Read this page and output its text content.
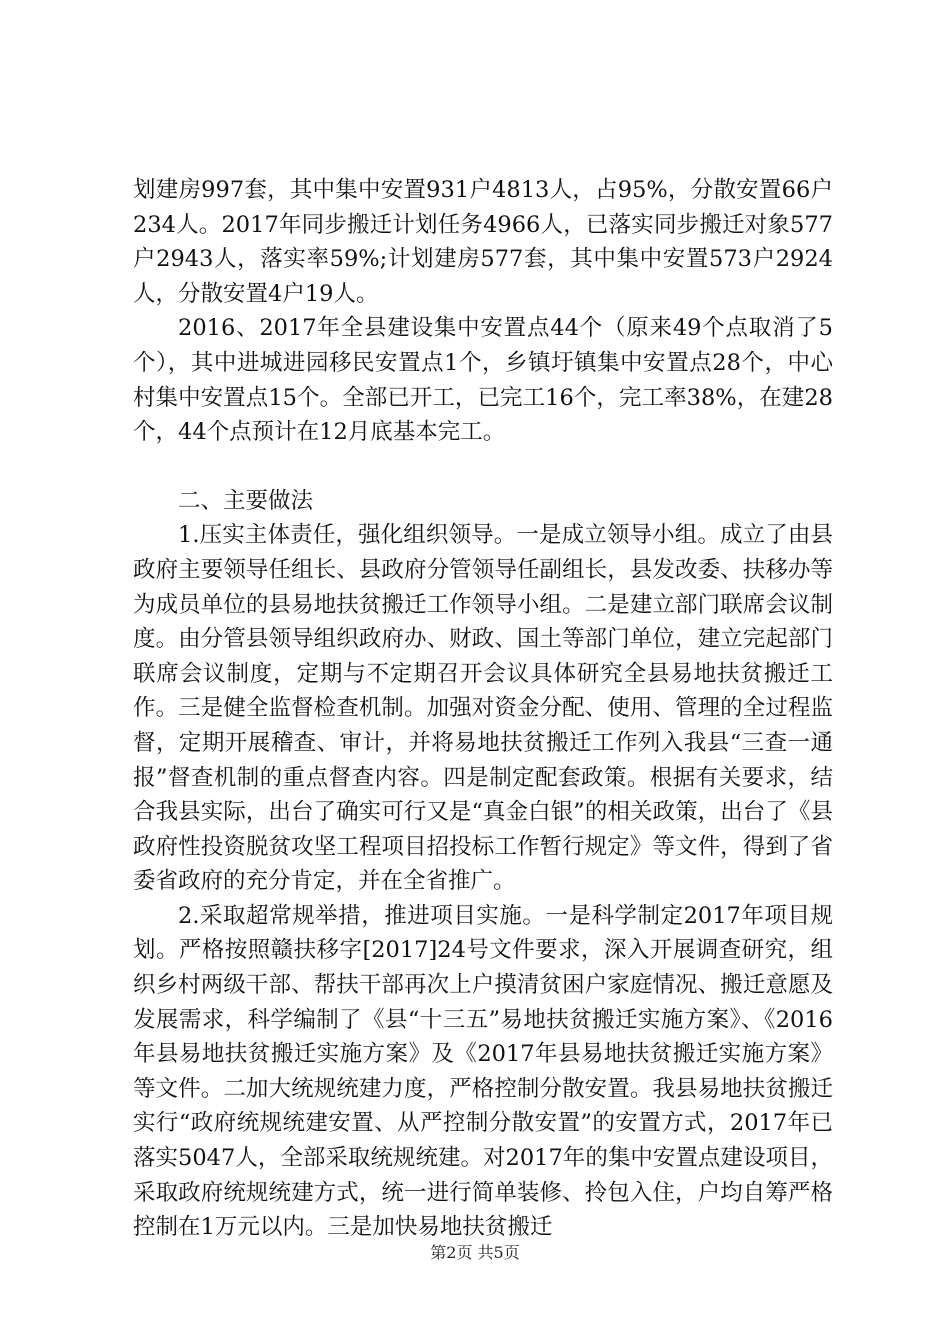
划建房997套，其中集中安置931户4813人，占95%，分散安置66户234人。2017年同步搬迁计划任务4966人，已落实同步搬迁对象577户2943人，落实率59%;计划建房577套，其中集中安置573户2924人，分散安置4户19人。

2016、2017年全县建设集中安置点44个（原来49个点取消了5个），其中进城进园移民安置点1个，乡镇圩镇集中安置点28个，中心村集中安置点15个。全部已开工，已完工16个，完工率38%，在建28个，44个点预计在12月底基本完工。

二、主要做法

1.压实主体责任，强化组织领导。一是成立领导小组。成立了由县政府主要领导任组长、县政府分管领导任副组长，县发改委、扶移办等为成员单位的县易地扶贫搬迁工作领导小组。二是建立部门联席会议制度。由分管县领导组织政府办、财政、国土等部门单位，建立完起部门联席会议制度，定期与不定期召开会议具体研究全县易地扶贫搬迁工作。三是健全监督检查机制。加强对资金分配、使用、管理的全过程监督，定期开展稽查、审计，并将易地扶贫搬迁工作列入我县“三查一通报”督查机制的重点督查内容。四是制定配套政策。根据有关要求，结合我县实际，出台了确实可行又是“真金白银”的相关政策，出台了《县政府性投资脱贫攻坚工程项目招投标工作暂行规定》等文件，得到了省委省政府的充分肯定，并在全省推广。

2.采取超常规举措，推进项目实施。一是科学制定2017年项目规划。严格按照赣扶移字[2017]24号文件要求，深入开展调查研究，组织乡村两级干部、帮扶干部再次上户摸清贫困户家庭情况、搬迁意愿及发展需求，科学编制了《县“十三五”易地扶贫搬迁实施方案》、《2016年县易地扶贫搬迁实施方案》及《2017年县易地扶贫搬迁实施方案》等文件。二加大统规统建力度，严格控制分散安置。我县易地扶贫搬迁实行“政府统规统建安置、从严控制分散安置”的安置方式，2017年已落实5047人，全部采取统规统建。对2017年的集中安置点建设项目，采取政府统规统建方式，统一进行简单装修、拎包入住，户均自筹严格控制在1万元以内。三是加快易地扶贫搬迁

第2页 共5页
